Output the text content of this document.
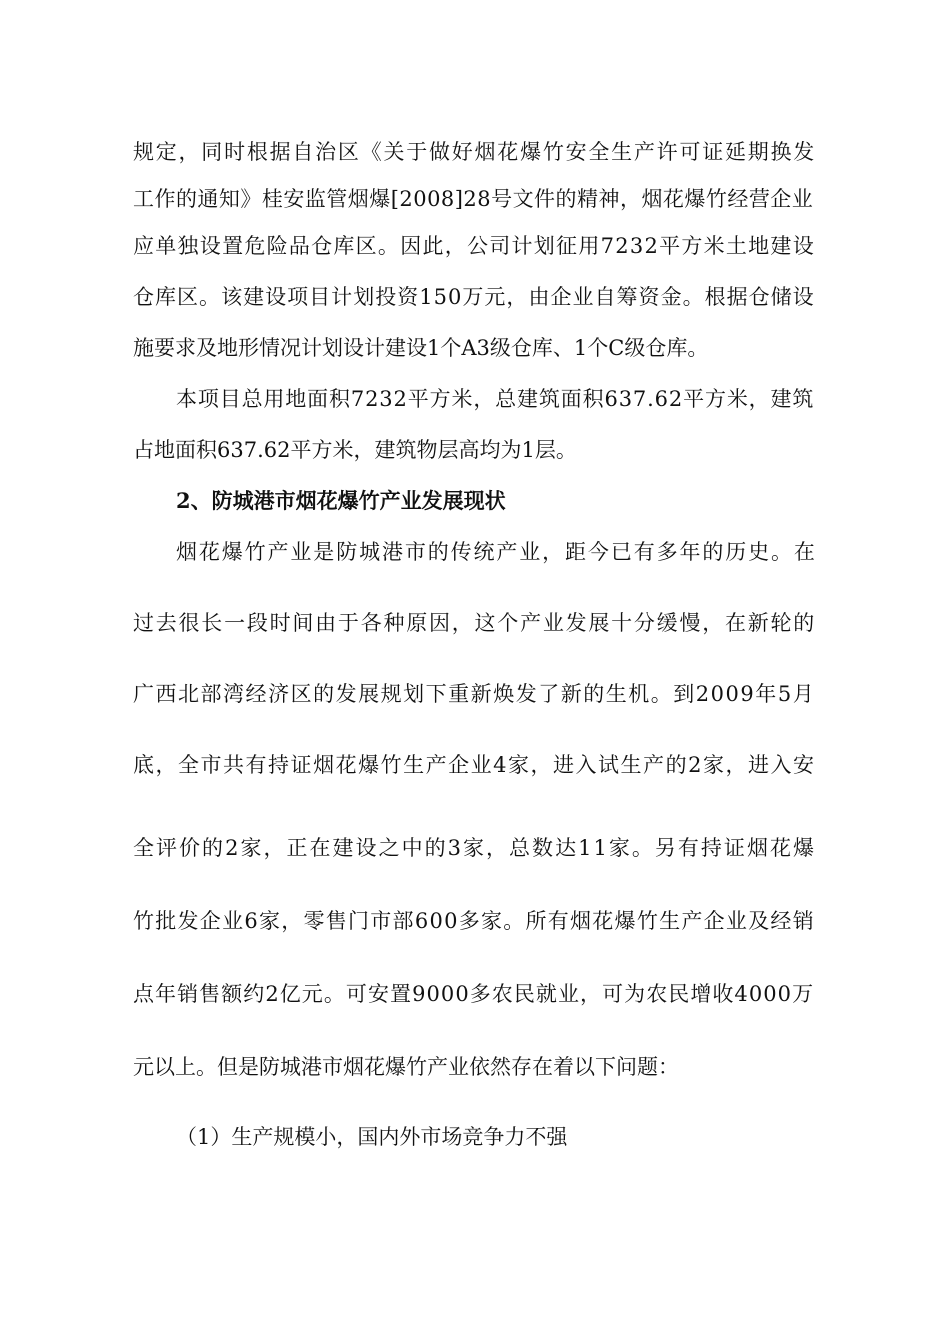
规定，同时根据自治区《关于做好烟花爆竹安全生产许可证延期换发
工作的通知》桂安监管烟爆[2008]28号文件的精神，烟花爆竹经营企业
应单独设置危险品仓库区。因此，公司计划征用7232平方米土地建设
仓库区。该建设项目计划投资150万元，由企业自筹资金。根据仓储设
施要求及地形情况计划设计建设1个A3级仓库、1个C级仓库。
本项目总用地面积7232平方米，总建筑面积637.62平方米，建筑
占地面积637.62平方米，建筑物层高均为1层。
2、防城港市烟花爆竹产业发展现状
烟花爆竹产业是防城港市的传统产业，距今已有多年的历史。在
过去很长一段时间由于各种原因，这个产业发展十分缓慢，在新轮的
广西北部湾经济区的发展规划下重新焕发了新的生机。到2009年5月
底，全市共有持证烟花爆竹生产企业4家，进入试生产的2家，进入安
全评价的2家，正在建设之中的3家，总数达11家。另有持证烟花爆
竹批发企业6家，零售门市部600多家。所有烟花爆竹生产企业及经销
点年销售额约2亿元。可安置9000多农民就业，可为农民增收4000万
元以上。但是防城港市烟花爆竹产业依然存在着以下问题：
（1）生产规模小，国内外市场竞争力不强
